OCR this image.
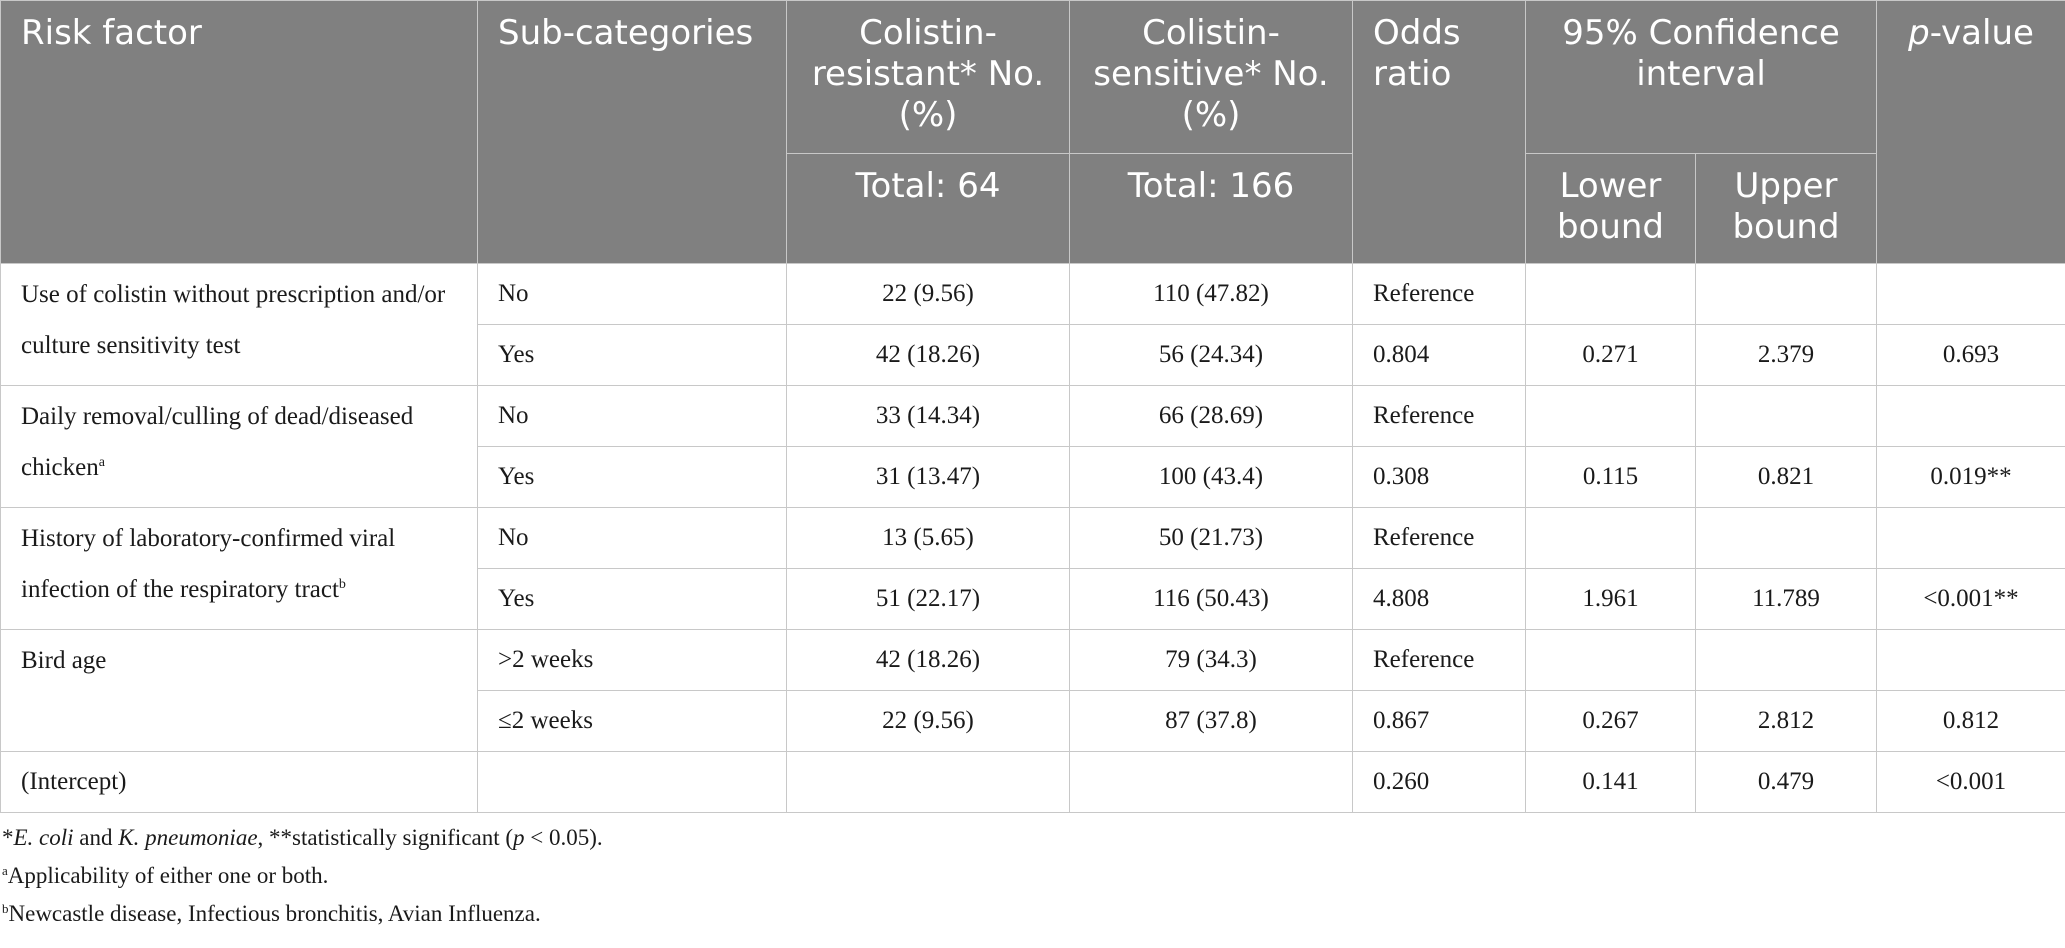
Risk factor	Sub-categories	Colistin-resistant* No. (%)	Colistin-sensitive* No. (%)	Odds ratio	95% Confidence interval		p-value
		Total: 64	Total: 166		Lower bound	Upper bound	
Use of colistin without prescription and/or culture sensitivity test	No	22 (9.56)	110 (47.82)	Reference			
	Yes	42 (18.26)	56 (24.34)	0.804	0.271	2.379	0.693
Daily removal/culling of dead/diseased chicken$^a$	No	33 (14.34)	66 (28.69)	Reference			
	Yes	31 (13.47)	100 (43.4)	0.308	0.115	0.821	0.019**
History of laboratory-confirmed viral infection of the respiratory tract$^b$	No	13 (5.65)	50 (21.73)	Reference			
	Yes	51 (22.17)	116 (50.43)	4.808	1.961	11.789	<0.001**
Bird age	>2 weeks	42 (18.26)	79 (34.3)	Reference			
	≤2 weeks	22 (9.56)	87 (37.8)	0.867	0.267	2.812	0.812
(Intercept)				0.260	0.141	0.479	<0.001
*E. coli and K. pneumoniae, **statistically significant (p < 0.05).
$^a$Applicability of either one or both.
$^b$Newcastle disease, Infectious bronchitis, Avian Influenza.
